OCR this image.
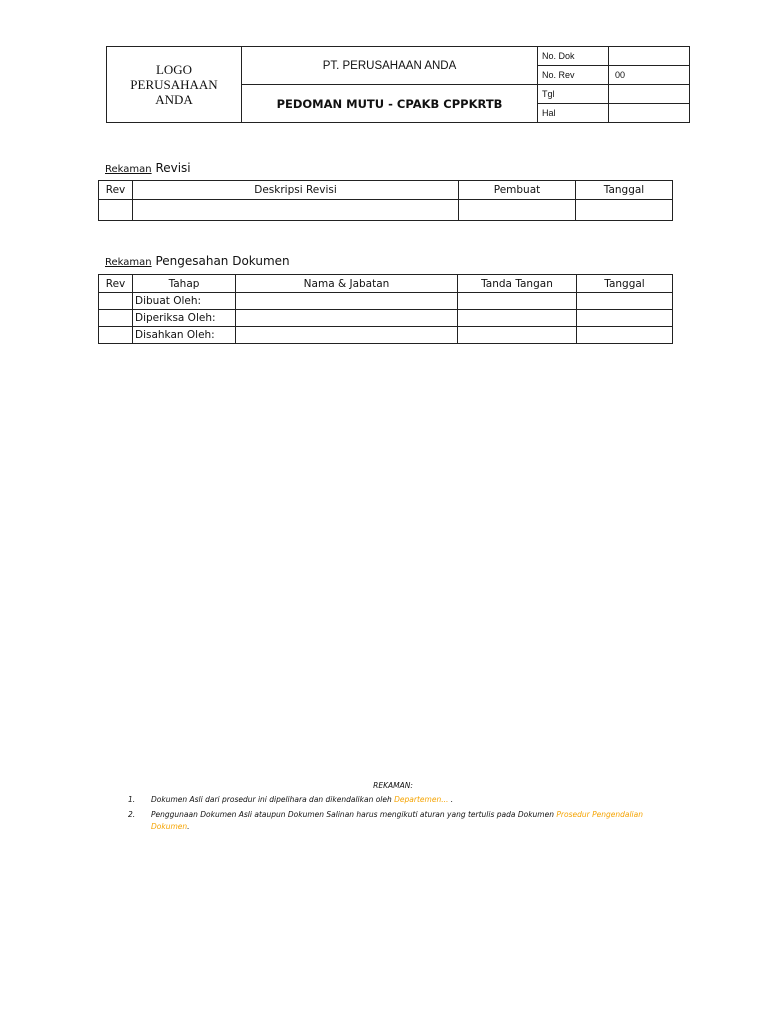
LOGO
PERUSAHAAN
ANDA	PT. PERUSAHAAN ANDA	No. Dok	
		No. Rev	00
	PEDOMAN MUTU - CPAKB CPPKRTB	Tgl	
		Hal	
Rekaman Revisi
Rev	Deskripsi Revisi	Pembuat	Tanggal

Rekaman Pengesahan Dokumen
Rev	Tahap	Nama & Jabatan	Tanda Tangan	Tanggal
	Dibuat Oleh:			
	Diperiksa Oleh:			
	Disahkan Oleh:			
REKAMAN:
1.	Dokumen Asli dari prosedur ini dipelihara dan dikendalikan oleh Departemen... .
2.	Penggunaan Dokumen Asli ataupun Dokumen Salinan harus mengikuti aturan yang tertulis pada Dokumen Prosedur Pengendalian Dokumen.
